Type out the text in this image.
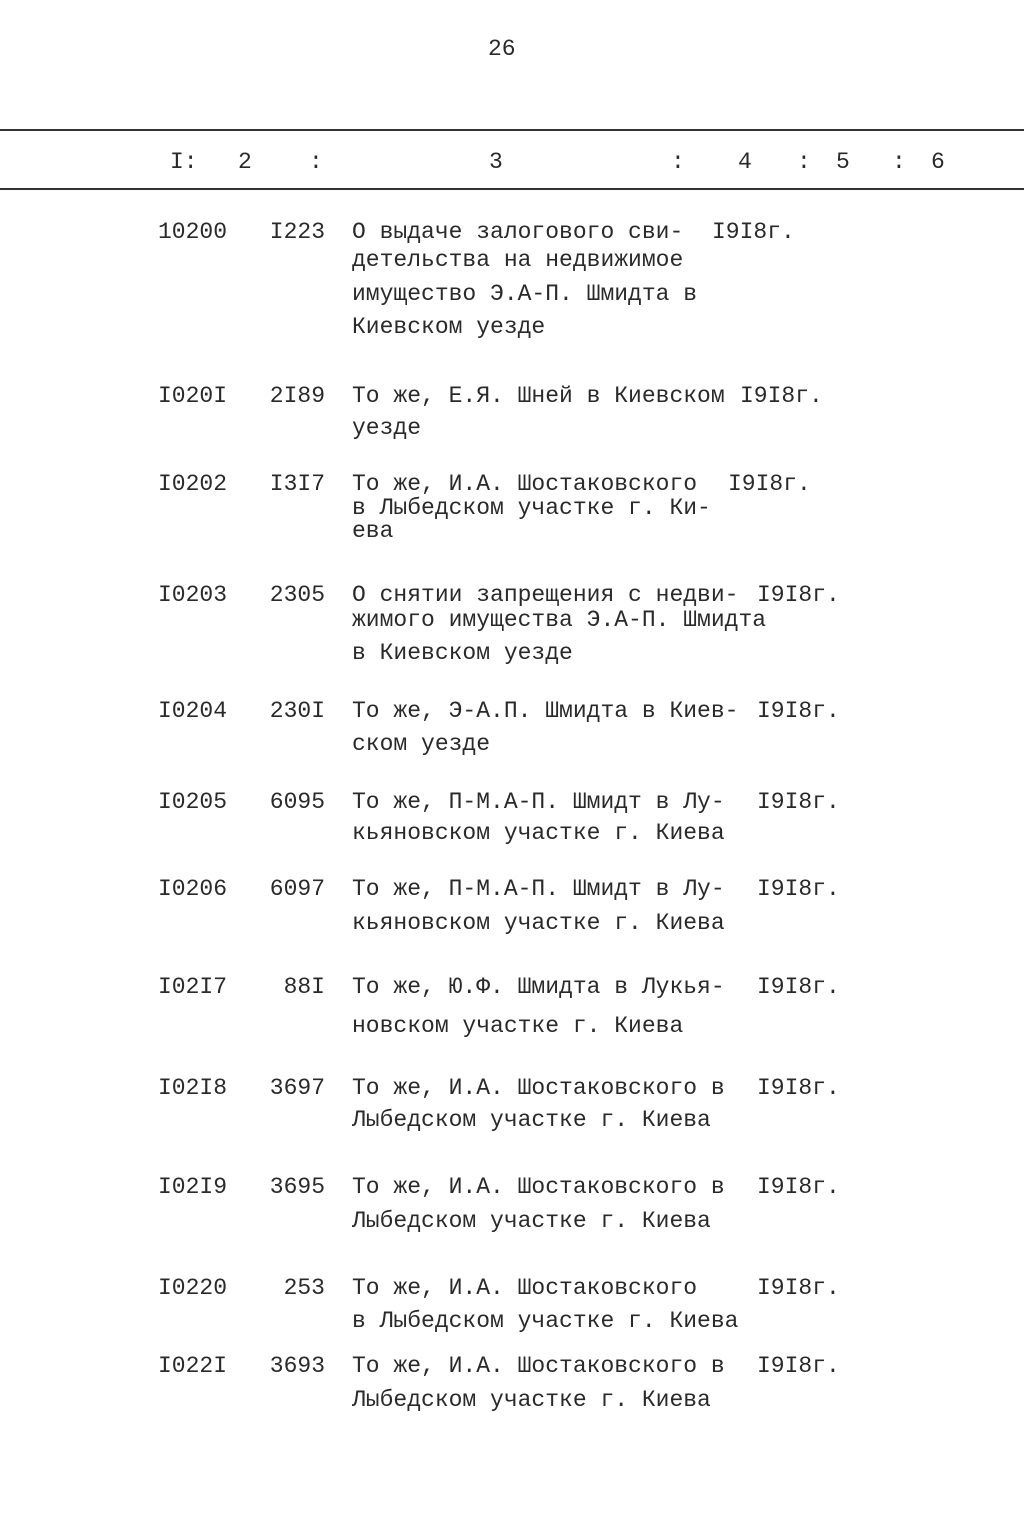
26
I: 2 :	3	: 4 : 5 : 6
10200	I223 О выдаче залогового сви-
детельства на недвижимое
имущество Э.А-П. Шмидта в
Киевском уезде
I9I8г.
I020I	2I89 То же, Е.Я. Шней в Киевском
уезде
I9I8г.
I0202	I3I7 То же, И.А. Шостаковского
в Лыбедском участке г. Ки-
ева
I9I8г.
I0203	2305 О снятии запрещения с недви-
жимого имущества Э.А-П. Шмидта
в Киевском уезде
I9I8г.
I0204	230I То же, Э-А.П. Шмидта в Киев-
ском уезде
I9I8г.
I0205	6095 То же, П-М.А-П. Шмидт в Лу-
кьяновском участке г. Киева
I9I8г.
I0206	6097 То же, П-М.А-П. Шмидт в Лу-
кьяновском участке г. Киева
I9I8г.
I02I7	88I То же, Ю.Ф. Шмидта в Лукья-
новском участке г. Киева
I9I8г.
I02I8	3697 То же, И.А. Шостаковского в
Лыбедском участке г. Киева
I9I8г.
I02I9	3695 То же, И.А. Шостаковского в
Лыбедском участке г. Киева
I9I8г.
I0220	253 То же, И.А. Шостаковского
в Лыбедском участке г. Киева
I9I8г.
I022I	3693 То же, И.А. Шостаковского в
Лыбедском участке г. Киева
I9I8г.
